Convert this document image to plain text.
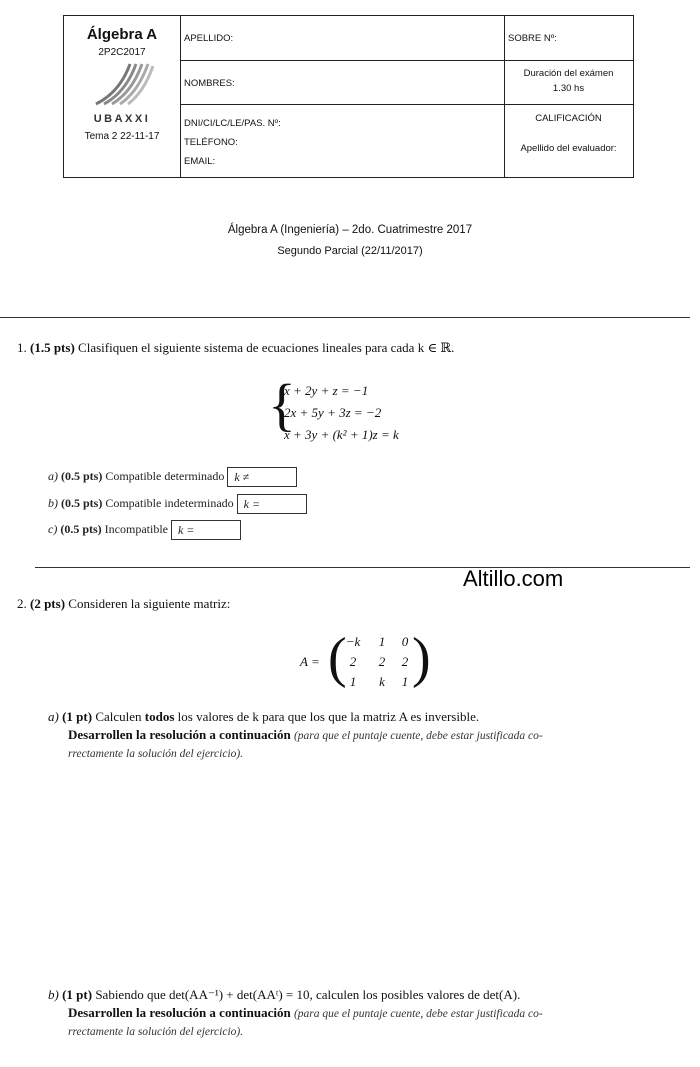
Álgebra A
2P2C2017
UBAXXI
Tema 2 22-11-17
APELLIDO:
NOMBRES:
DNI/CI/LC/LE/PAS. Nº:
TELÉFONO:
EMAIL:
SOBRE Nº:
Duración del exámen
1.30 hs
CALIFICACIÓN
Apellido del evaluador:
Álgebra A (Ingeniería) – 2do. Cuatrimestre 2017
Segundo Parcial (22/11/2017)
1. (1.5 pts) Clasifiquen el siguiente sistema de ecuaciones lineales para cada k ∈ ℝ.
{
x + 2y + z = −1
2x + 5y + 3z = −2
x + 3y + (k² + 1)z = k
a) (0.5 pts) Compatible determinado k ≠
b) (0.5 pts) Compatible indeterminado k =
c) (0.5 pts) Incompatible k =
Altillo.com
2. (2 pts) Consideren la siguiente matriz:
A = ( −k	1	0
2	2	2
1	k	1 )
a) (1 pt) Calculen todos los valores de k para que los que la matriz A es inversible.
Desarrollen la resolución a continuación (para que el puntaje cuente, debe estar justificada co-
rrectamente la solución del ejercicio).
b) (1 pt) Sabiendo que det(AA⁻¹) + det(AAᵗ) = 10, calculen los posibles valores de det(A).
Desarrollen la resolución a continuación (para que el puntaje cuente, debe estar justificada co-
rrectamente la solución del ejercicio).
